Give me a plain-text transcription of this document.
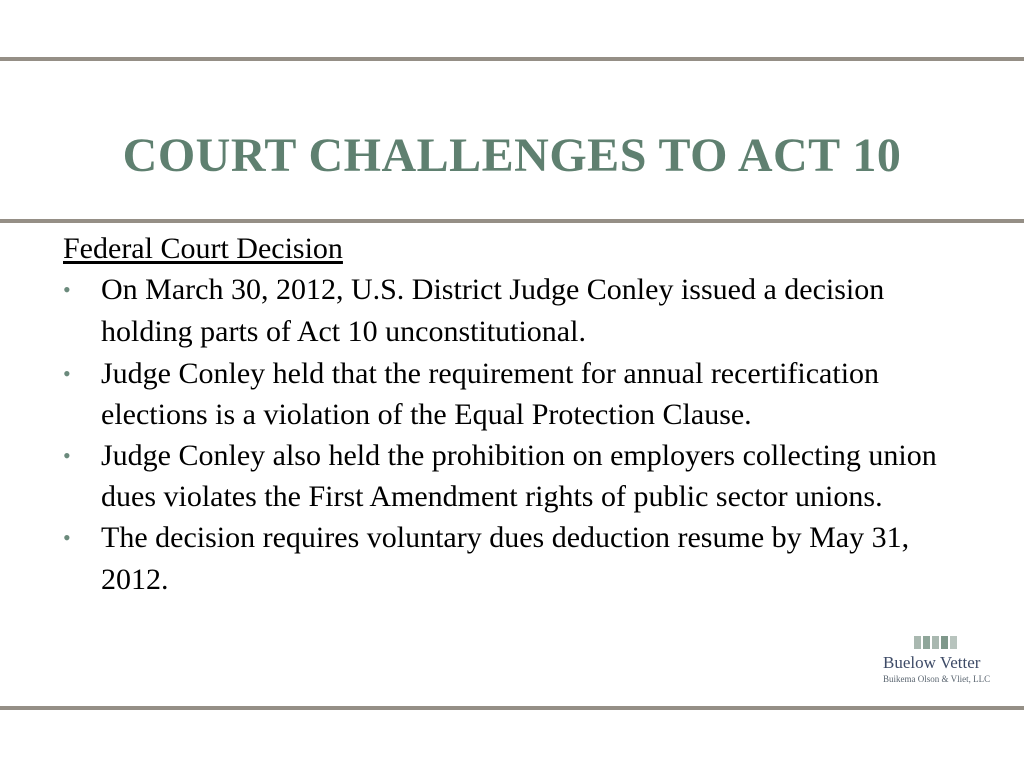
COURT CHALLENGES TO ACT 10

Federal Court Decision

•	On March 30, 2012, U.S. District Judge Conley issued a decision holding parts of Act 10 unconstitutional.
•	Judge Conley held that the requirement for annual recertification elections is a violation of the Equal Protection Clause.
•	Judge Conley also held the prohibition on employers collecting union dues violates the First Amendment rights of public sector unions.
•	The decision requires voluntary dues deduction resume by May 31, 2012.
Buelow Vetter
Buikema Olson & Vliet, LLC
